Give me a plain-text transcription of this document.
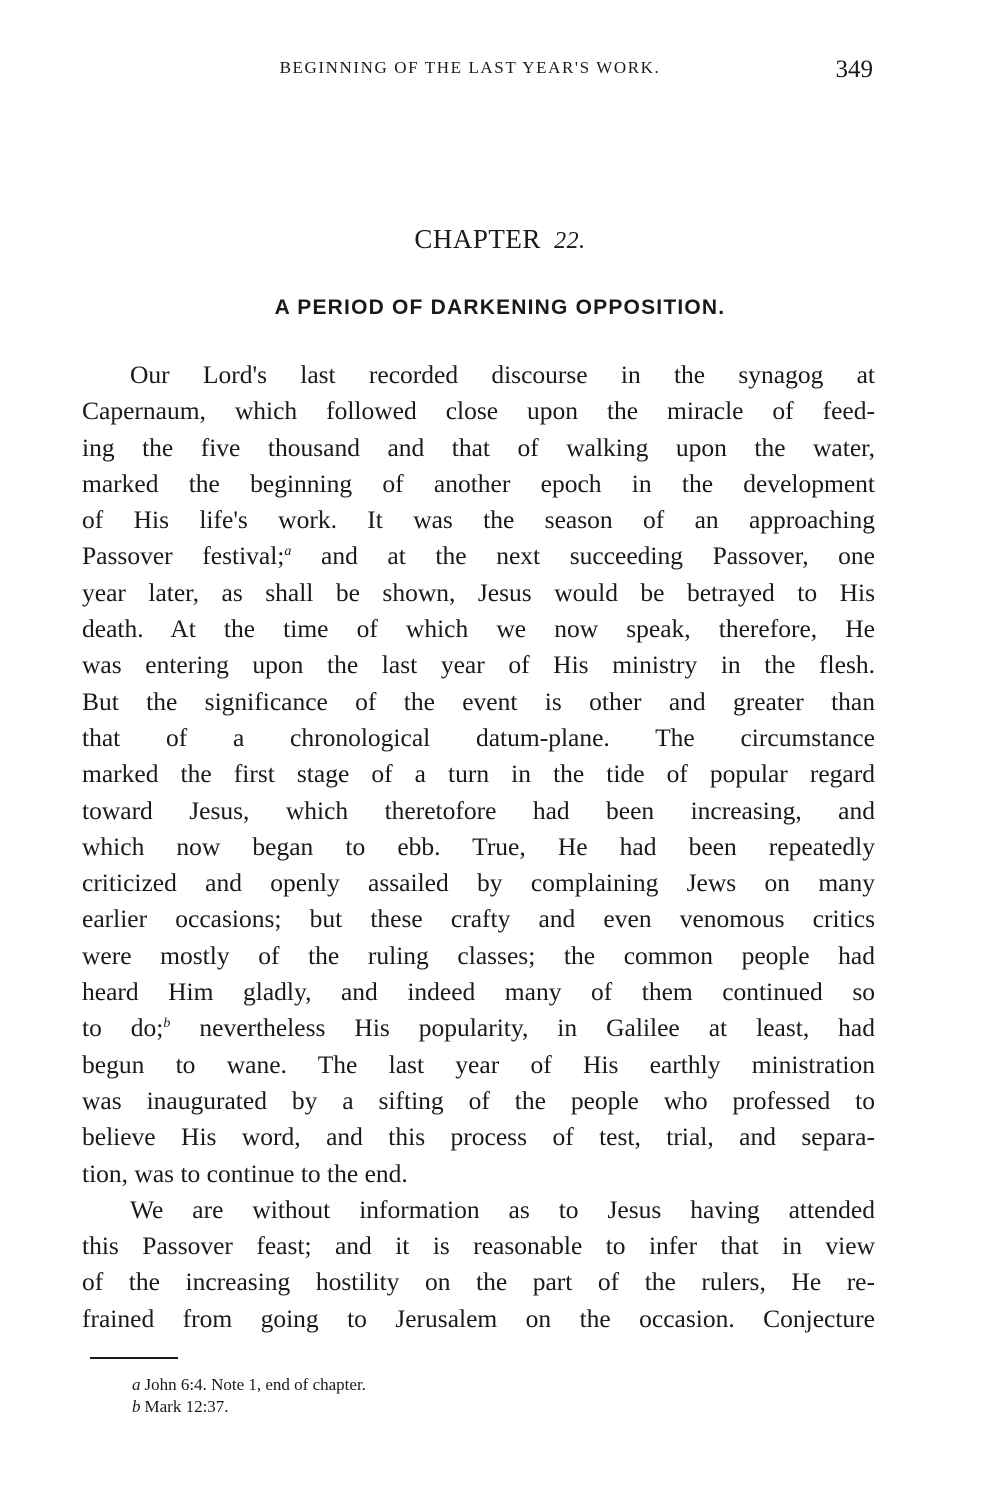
BEGINNING OF THE LAST YEAR'S WORK.	349
CHAPTER 22.
A PERIOD OF DARKENING OPPOSITION.
Our Lord's last recorded discourse in the synagog at
Capernaum, which followed close upon the miracle of feed-
ing the five thousand and that of walking upon the water,
marked the beginning of another epoch in the development
of His life's work. It was the season of an approaching
Passover festival;$^a$ and at the next succeeding Passover, one
year later, as shall be shown, Jesus would be betrayed to His
death. At the time of which we now speak, therefore, He
was entering upon the last year of His ministry in the flesh.
But the significance of the event is other and greater than
that of a chronological datum-plane. The circumstance
marked the first stage of a turn in the tide of popular regard
toward Jesus, which theretofore had been increasing, and
which now began to ebb. True, He had been repeatedly
criticized and openly assailed by complaining Jews on many
earlier occasions; but these crafty and even venomous critics
were mostly of the ruling classes; the common people had
heard Him gladly, and indeed many of them continued so
to do;$^b$ nevertheless His popularity, in Galilee at least, had
begun to wane. The last year of His earthly ministration
was inaugurated by a sifting of the people who professed to
believe His word, and this process of test, trial, and separa-
tion, was to continue to the end.
We are without information as to Jesus having attended
this Passover feast; and it is reasonable to infer that in view
of the increasing hostility on the part of the rulers, He re-
frained from going to Jerusalem on the occasion. Conjecture
a John 6:4. Note 1, end of chapter.
b Mark 12:37.
